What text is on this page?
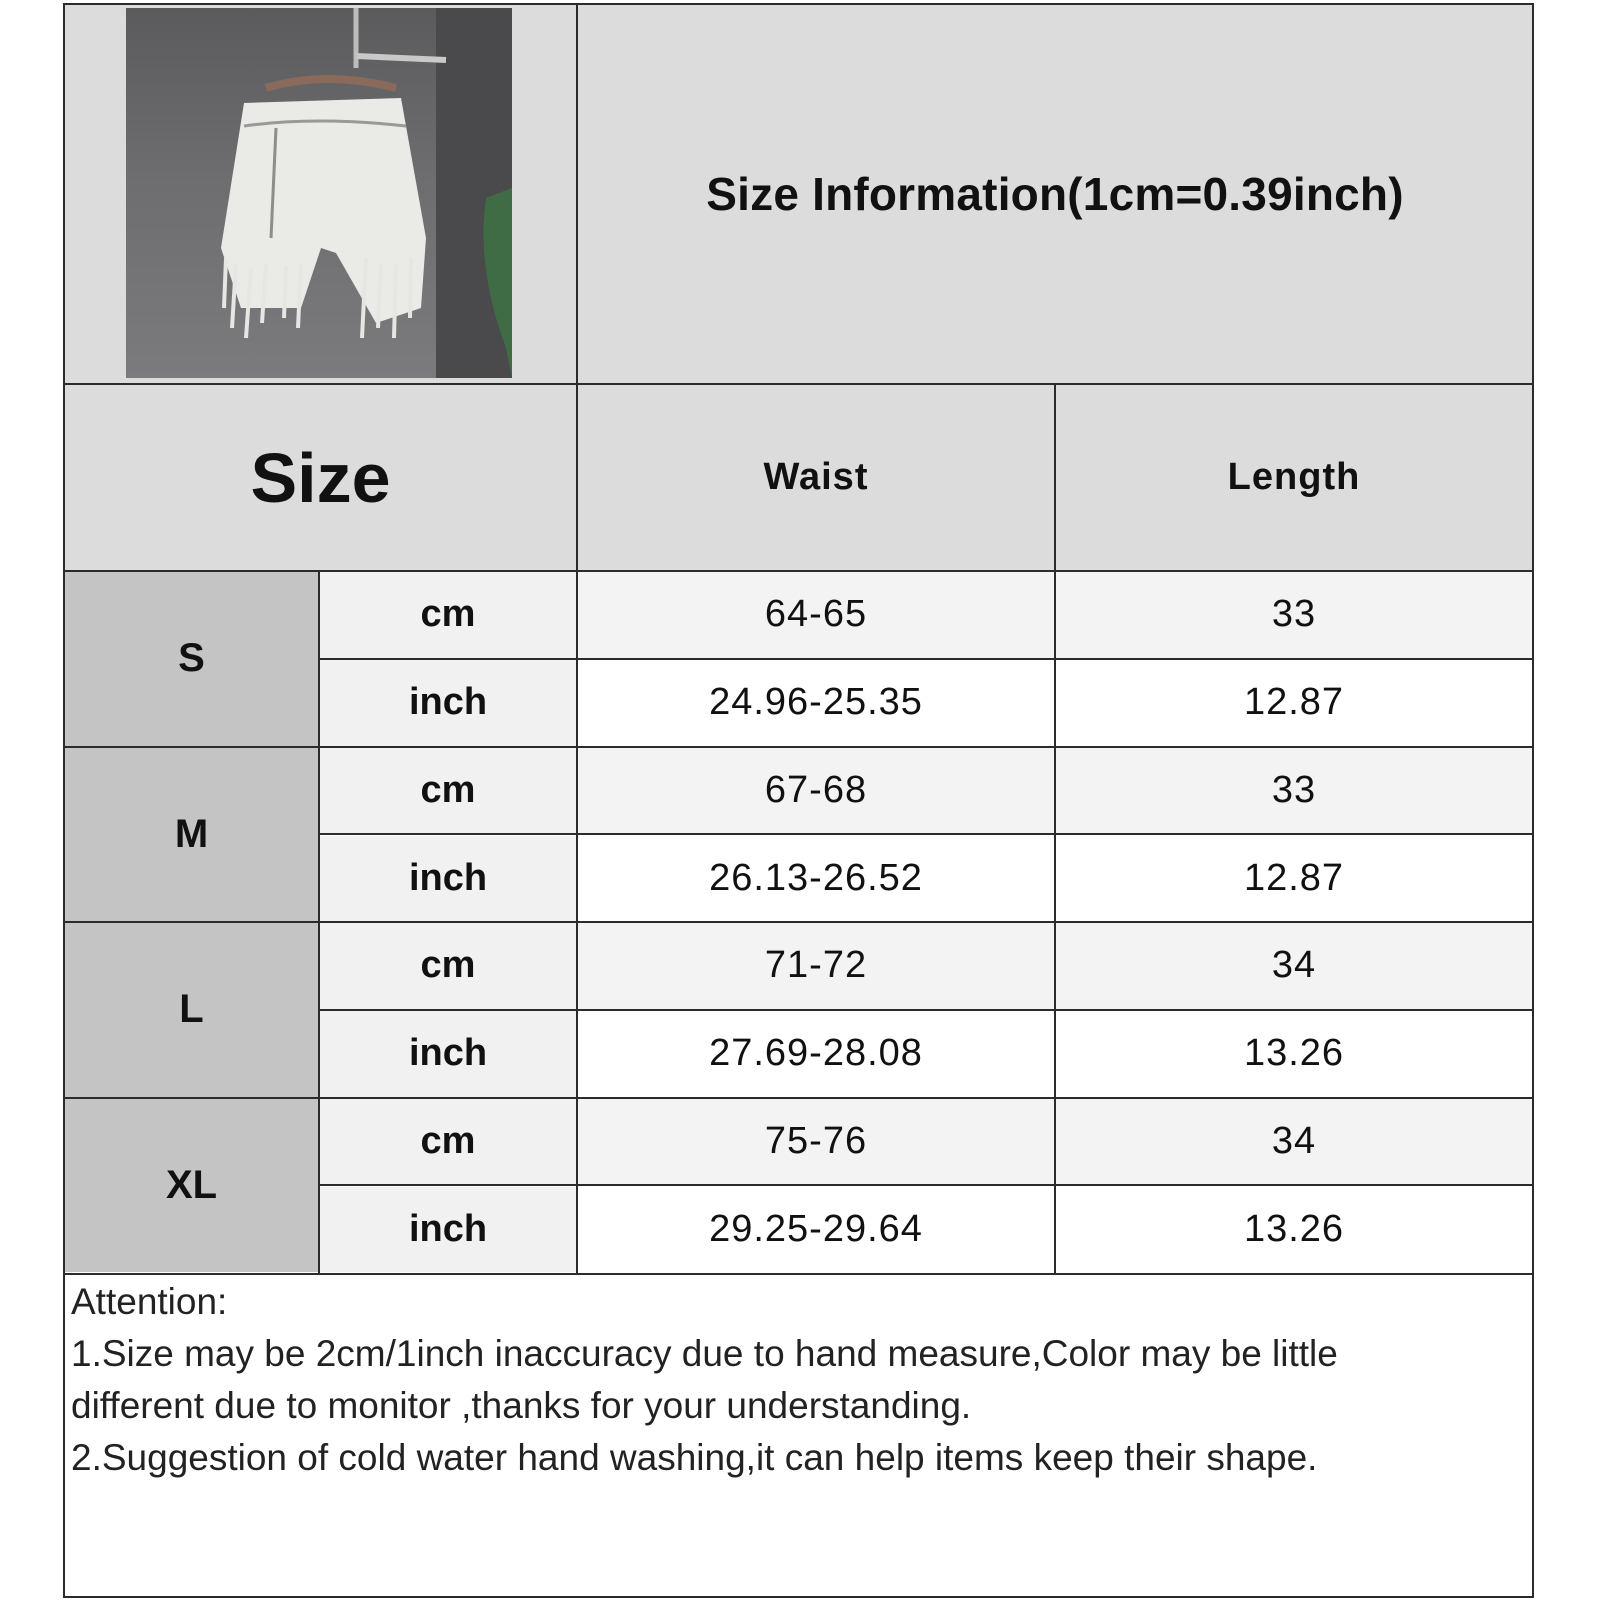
Size Information(1cm=0.39inch)
Size	Waist	Length
S
cm	64-65	33
inch	24.96-25.35	12.87
M
cm	67-68	33
inch	26.13-26.52	12.87
L
cm	71-72	34
inch	27.69-28.08	13.26
XL
cm	75-76	34
inch	29.25-29.64	13.26
Attention:
1.Size may be 2cm/1inch inaccuracy due to hand measure,Color may be little
different due to monitor ,thanks for your understanding.
2.Suggestion of cold water hand washing,it can help items keep their shape.
